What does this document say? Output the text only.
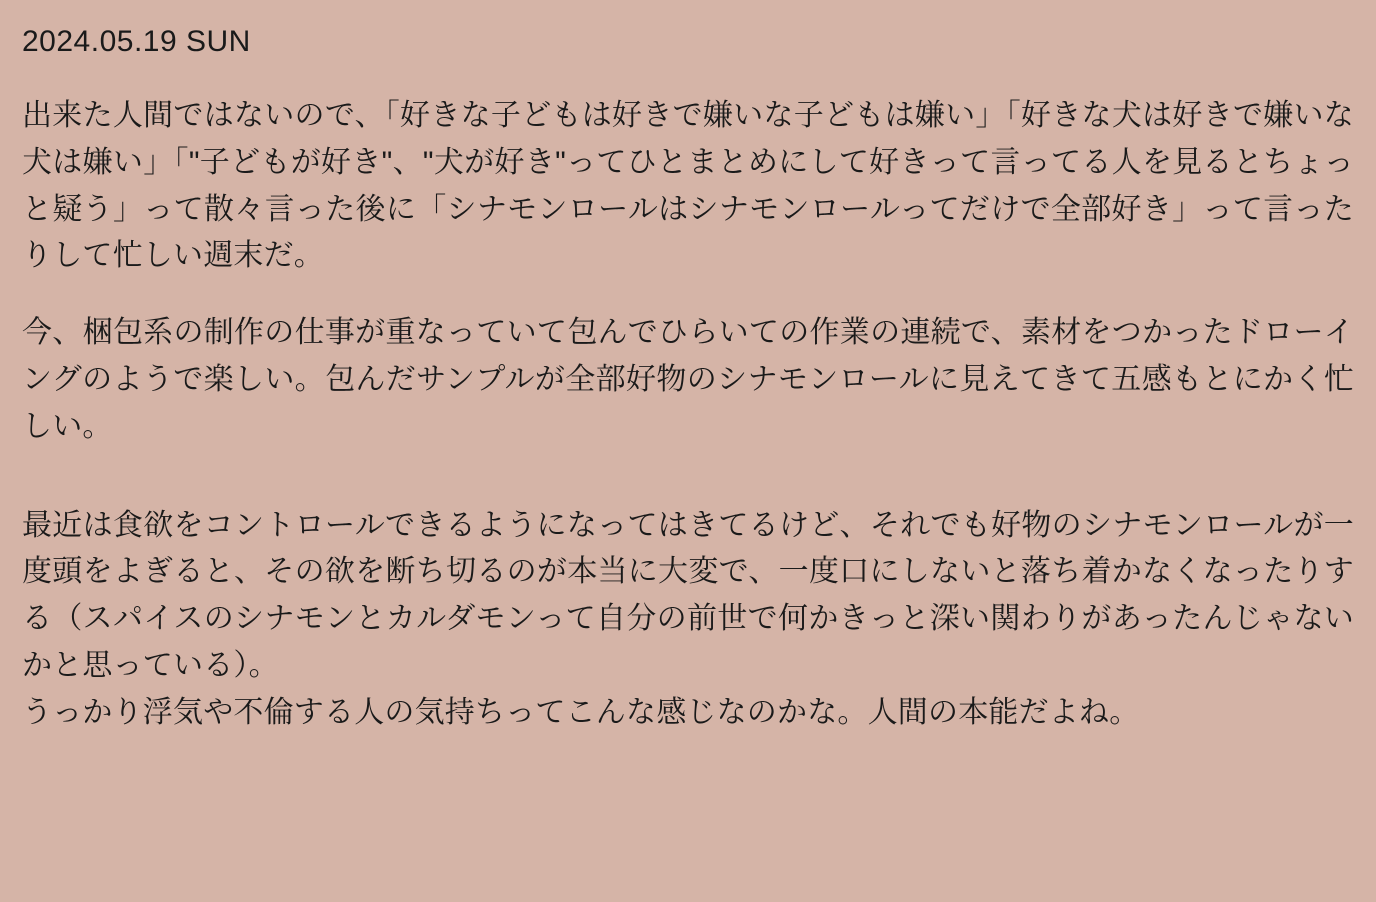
2024.05.19 SUN

出来た人間ではないので、「好きな子どもは好きで嫌いな子どもは嫌い」「好きな犬は好きで嫌いな犬は嫌い」「"子どもが好き"、"犬が好き"ってひとまとめにして好きって言ってる人を見るとちょっと疑う」って散々言った後に「シナモンロールはシナモンロールってだけで全部好き」って言ったりして忙しい週末だ。

今、梱包系の制作の仕事が重なっていて包んでひらいての作業の連続で、素材をつかったドローイングのようで楽しい。包んだサンプルが全部好物のシナモンロールに見えてきて五感もとにかく忙しい。

最近は食欲をコントロールできるようになってはきてるけど、それでも好物のシナモンロールが一度頭をよぎると、その欲を断ち切るのが本当に大変で、一度口にしないと落ち着かなくなったりする（スパイスのシナモンとカルダモンって自分の前世で何かきっと深い関わりがあったんじゃないかと思っている）。

うっかり浮気や不倫する人の気持ちってこんな感じなのかな。人間の本能だよね。
